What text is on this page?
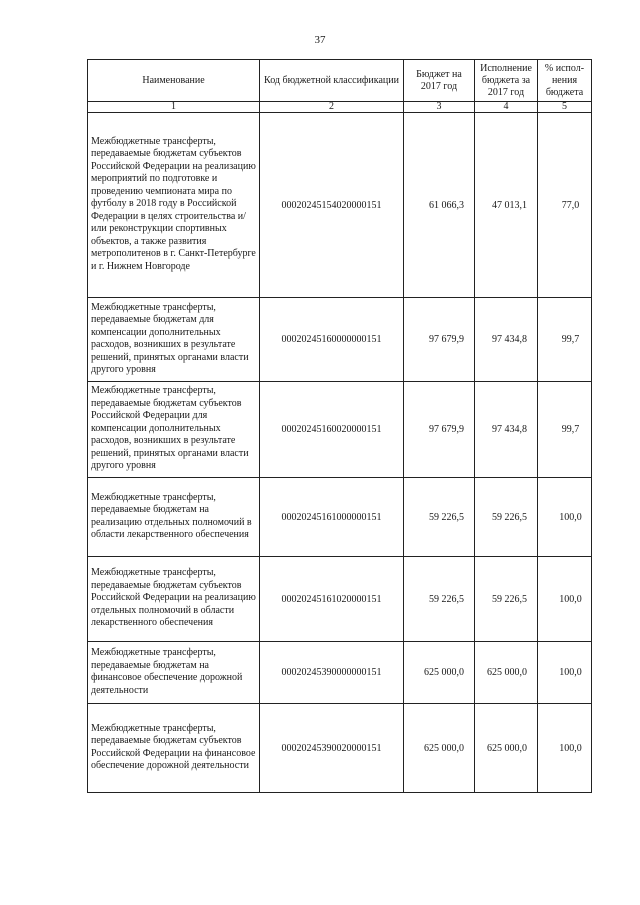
37
Наименование	Код бюджетной классификации	Бюджет на 2017 год	Исполнение бюджета за 2017 год	% испол-нения бюджета
1	2	3	4	5
Межбюджетные трансферты, передаваемые бюджетам субъектов Российской Федерации на реализацию мероприятий по подготовке и проведению чемпионата мира по футболу в 2018 году в Российской Федерации в целях строительства и/или реконструкции спортивных объектов, а также развития метрополитенов в г. Санкт-Петербурге и г. Нижнем Новгороде	00020245154020000151	61 066,3	47 013,1	77,0
Межбюджетные трансферты, передаваемые бюджетам для компенсации дополнительных расходов, возникших в результате решений, принятых органами власти другого уровня	00020245160000000151	97 679,9	97 434,8	99,7
Межбюджетные трансферты, передаваемые бюджетам субъектов Российской Федерации для компенсации дополнительных расходов, возникших в результате решений, принятых органами власти другого уровня	00020245160020000151	97 679,9	97 434,8	99,7
Межбюджетные трансферты, передаваемые бюджетам на реализацию отдельных полномочий в области лекарственного обеспечения	00020245161000000151	59 226,5	59 226,5	100,0
Межбюджетные трансферты, передаваемые бюджетам субъектов Российской Федерации на реализацию отдельных полномочий в области лекарственного обеспечения	00020245161020000151	59 226,5	59 226,5	100,0
Межбюджетные трансферты, передаваемые бюджетам на финансовое обеспечение дорожной деятельности	00020245390000000151	625 000,0	625 000,0	100,0
Межбюджетные трансферты, передаваемые бюджетам субъектов Российской Федерации на финансовое обеспечение дорожной деятельности	00020245390020000151	625 000,0	625 000,0	100,0
